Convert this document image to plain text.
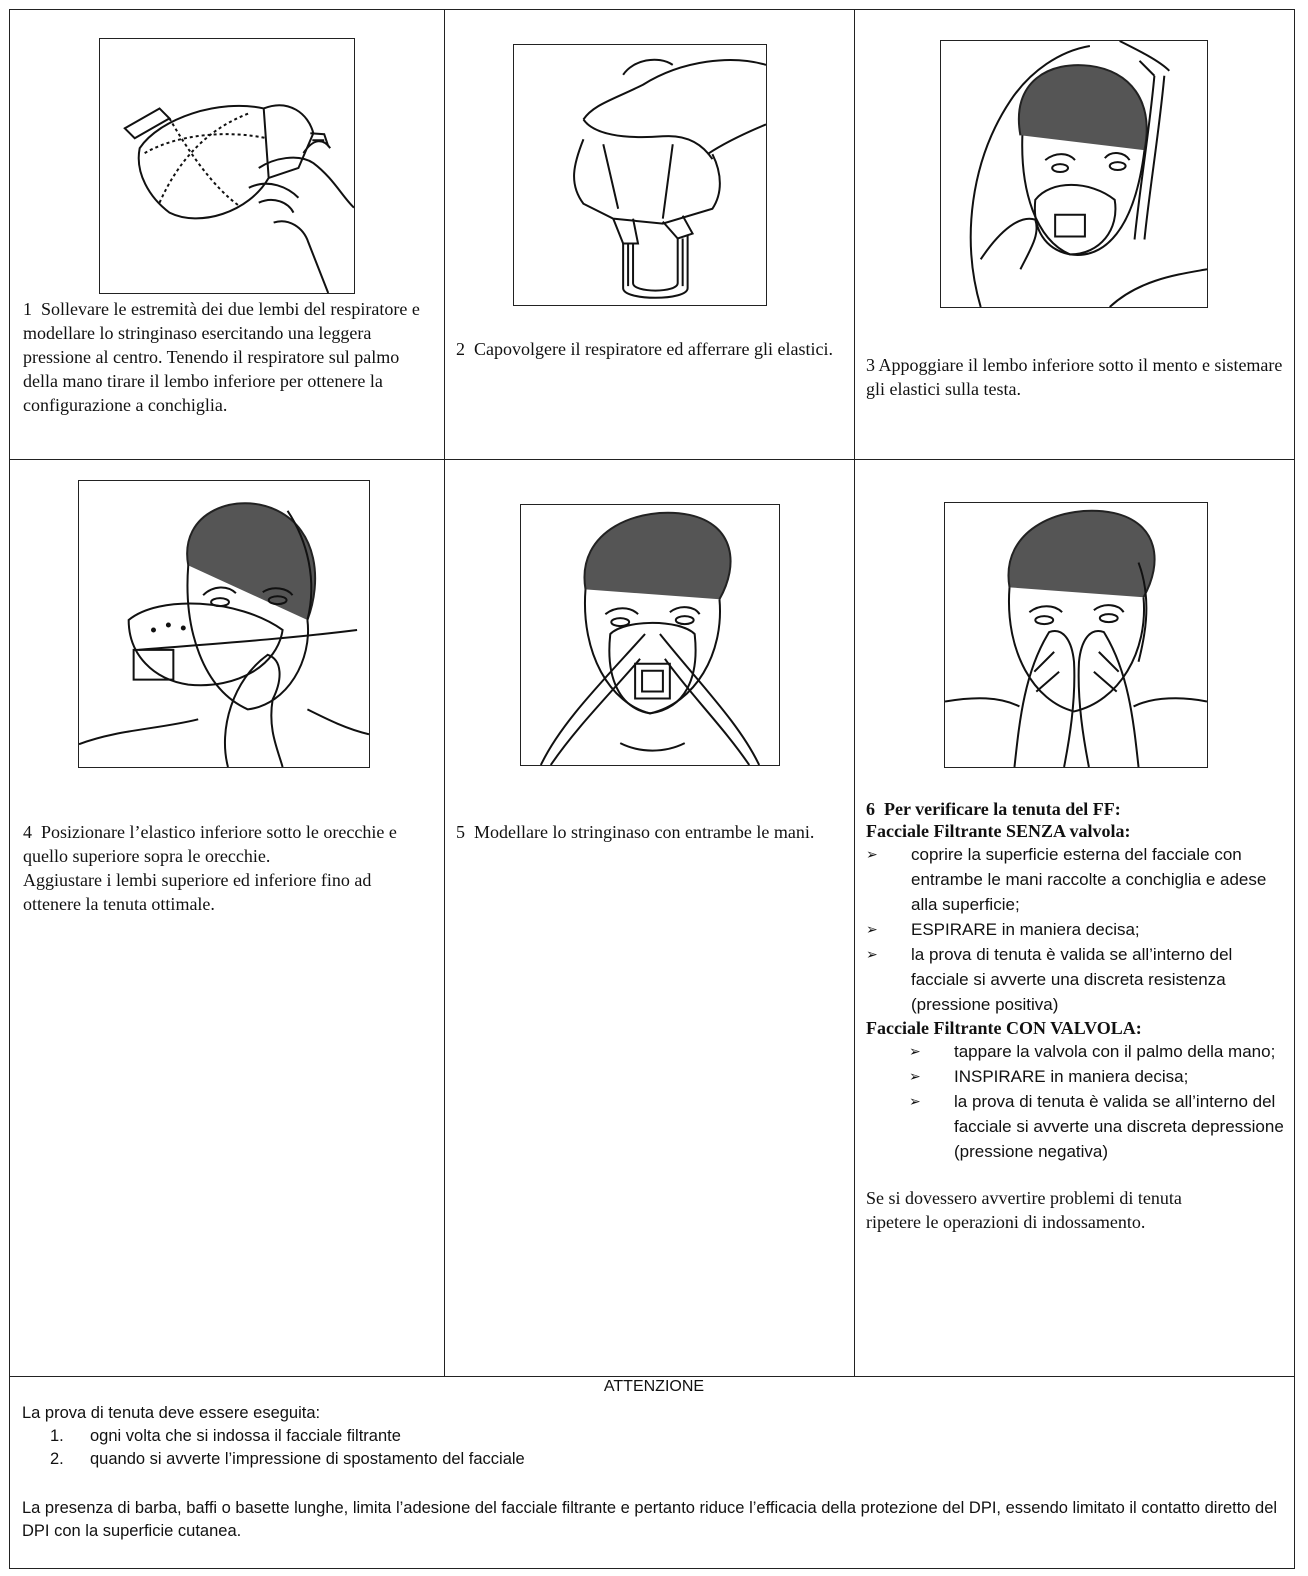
1 Sollevare le estremità dei due lembi del respiratore e modellare lo stringinaso esercitando una leggera pressione al centro. Tenendo il respiratore sul palmo della mano tirare il lembo inferiore per ottenere la configurazione a conchiglia.

2 Capovolgere il respiratore ed afferrare gli elastici.

3 Appoggiare il lembo inferiore sotto il mento e sistemare gli elastici sulla testa.

4 Posizionare l’elastico inferiore sotto le orecchie e quello superiore sopra le orecchie.

Aggiustare i lembi superiore ed inferiore fino ad ottenere la tenuta ottimale.

5 Modellare lo stringinaso con entrambe le mani.

6 Per verificare la tenuta del FF:

Facciale Filtrante SENZA valvola:

➢ coprire la superficie esterna del facciale con entrambe le mani raccolte a conchiglia e adese alla superficie;
➢ ESPIRARE in maniera decisa;
➢ la prova di tenuta è valida se all’interno del facciale si avverte una discreta resistenza (pressione positiva)

Facciale Filtrante CON VALVOLA:

➢ tappare la valvola con il palmo della mano;
➢ INSPIRARE in maniera decisa;
➢ la prova di tenuta è valida se all’interno del facciale si avverte una discreta depressione (pressione negativa)

Se si dovessero avvertire problemi di tenuta ripetere le operazioni di indossamento.

ATTENZIONE
La prova di tenuta deve essere eseguita:
1. ogni volta che si indossa il facciale filtrante
2. quando si avverte l’impressione di spostamento del facciale
La presenza di barba, baffi o basette lunghe, limita l’adesione del facciale filtrante e pertanto riduce l’efficacia della protezione del DPI, essendo limitato il contatto diretto del DPI con la superficie cutanea.
